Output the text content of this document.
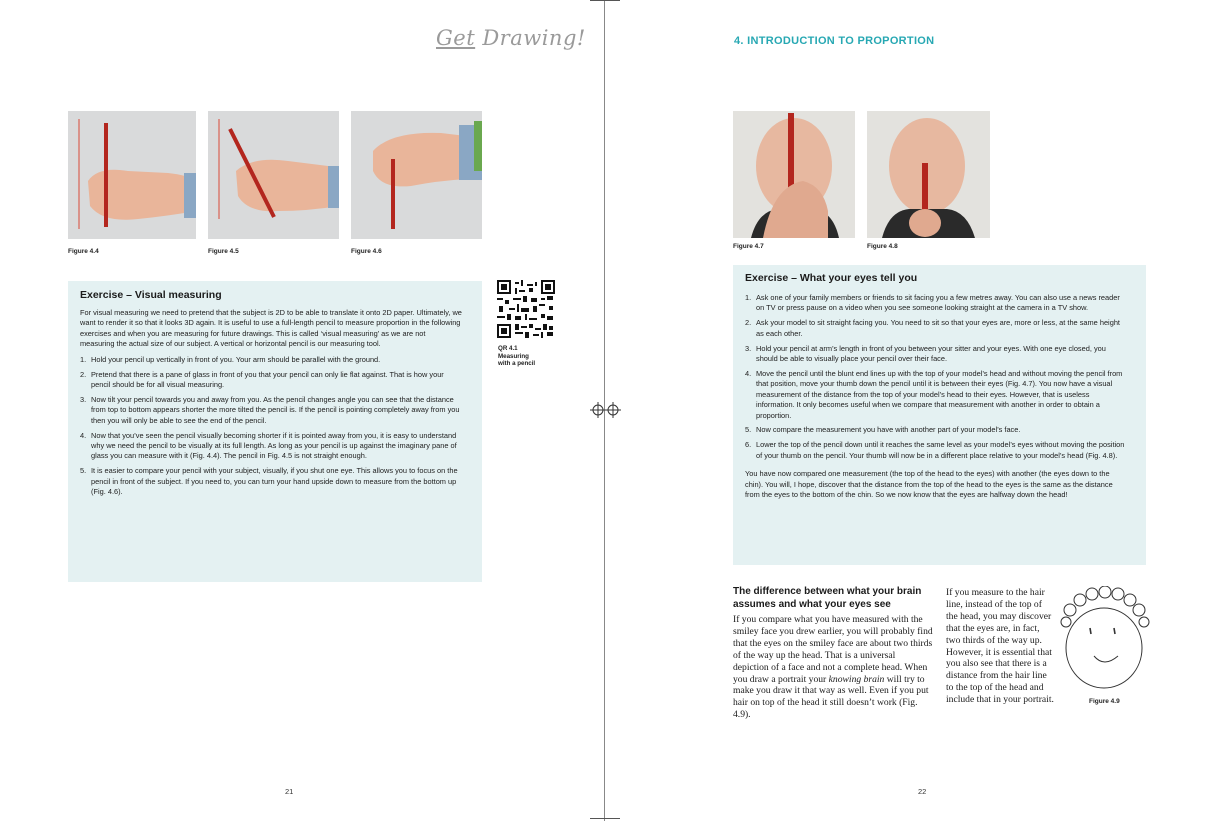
Get Drawing!	4. INTRODUCTION TO PROPORTION
Figure 4.4	Figure 4.5	Figure 4.6
Exercise – Visual measuring

For visual measuring we need to pretend that the subject is 2D to be able to translate it onto 2D paper. Ultimately, we want to render it so that it looks 3D again. It is useful to use a full-length pencil to measure proportion in the following exercises and when you are measuring for future drawings. This is called ‘visual measuring’ as we are not measuring the actual size of our subject. A vertical or horizontal pencil is our measuring tool.

1. Hold your pencil up vertically in front of you. Your arm should be parallel with the ground.
2. Pretend that there is a pane of glass in front of you that your pencil can only lie flat against. That is how your pencil should be for all visual measuring.
3. Now tilt your pencil towards you and away from you. As the pencil changes angle you can see that the distance from top to bottom appears shorter the more tilted the pencil is. If the pencil is pointing completely away from you then you will only be able to see the end of the pencil.
4. Now that you’ve seen the pencil visually becoming shorter if it is pointed away from you, it is easy to understand why we need the pencil to be visually at its full length. As long as your pencil is up against the imaginary pane of glass you can measure with it (Fig. 4.4). The pencil in Fig. 4.5 is not straight enough.
5. It is easier to compare your pencil with your subject, visually, if you shut one eye. This allows you to focus on the pencil in front of the subject. If you need to, you can turn your hand upside down to measure from the bottom up (Fig. 4.6).
QR 4.1
Measuring
with a pencil
21
Figure 4.7	Figure 4.8
Exercise – What your eyes tell you
1. Ask one of your family members or friends to sit facing you a few metres away. You can also use a news reader on TV or press pause on a video when you see someone looking straight at the camera in a TV show.
2. Ask your model to sit straight facing you. You need to sit so that your eyes are, more or less, at the same height as each other.
3. Hold your pencil at arm’s length in front of you between your sitter and your eyes. With one eye closed, you should be able to visually place your pencil over their face.
4. Move the pencil until the blunt end lines up with the top of your model’s head and without moving the pencil from that position, move your thumb down the pencil until it is between their eyes (Fig. 4.7). You now have a visual measurement of the distance from the top of your model’s head to their eyes. However, that is useless information. It only becomes useful when we compare that measurement with another in order to obtain a proportion.
5. Now compare the measurement you have with another part of your model’s face.
6. Lower the top of the pencil down until it reaches the same level as your model’s eyes without moving the position of your thumb on the pencil. Your thumb will now be in a different place relative to your model’s head (Fig. 4.8).

You have now compared one measurement (the top of the head to the eyes) with another (the eyes down to the chin). You will, I hope, discover that the distance from the top of the head to the eyes is the same as the distance from the eyes to the bottom of the chin. So we now know that the eyes are halfway down the head!

The difference between what your brain assumes and what your eyes see
If you compare what you have measured with the smiley face you drew earlier, you will probably find that the eyes on the smiley face are about two thirds of the way up the head. That is a universal depiction of a face and not a complete head. When you draw a portrait your knowing brain will try to make you draw it that way as well. Even if you put hair on top of the head it still doesn’t work (Fig. 4.9).
If you measure to the hair line, instead of the top of the head, you may discover that the eyes are, in fact, two thirds of the way up. However, it is essential that you also see that there is a distance from the hair line to the top of the head and include that in your portrait.	Figure 4.9
22
